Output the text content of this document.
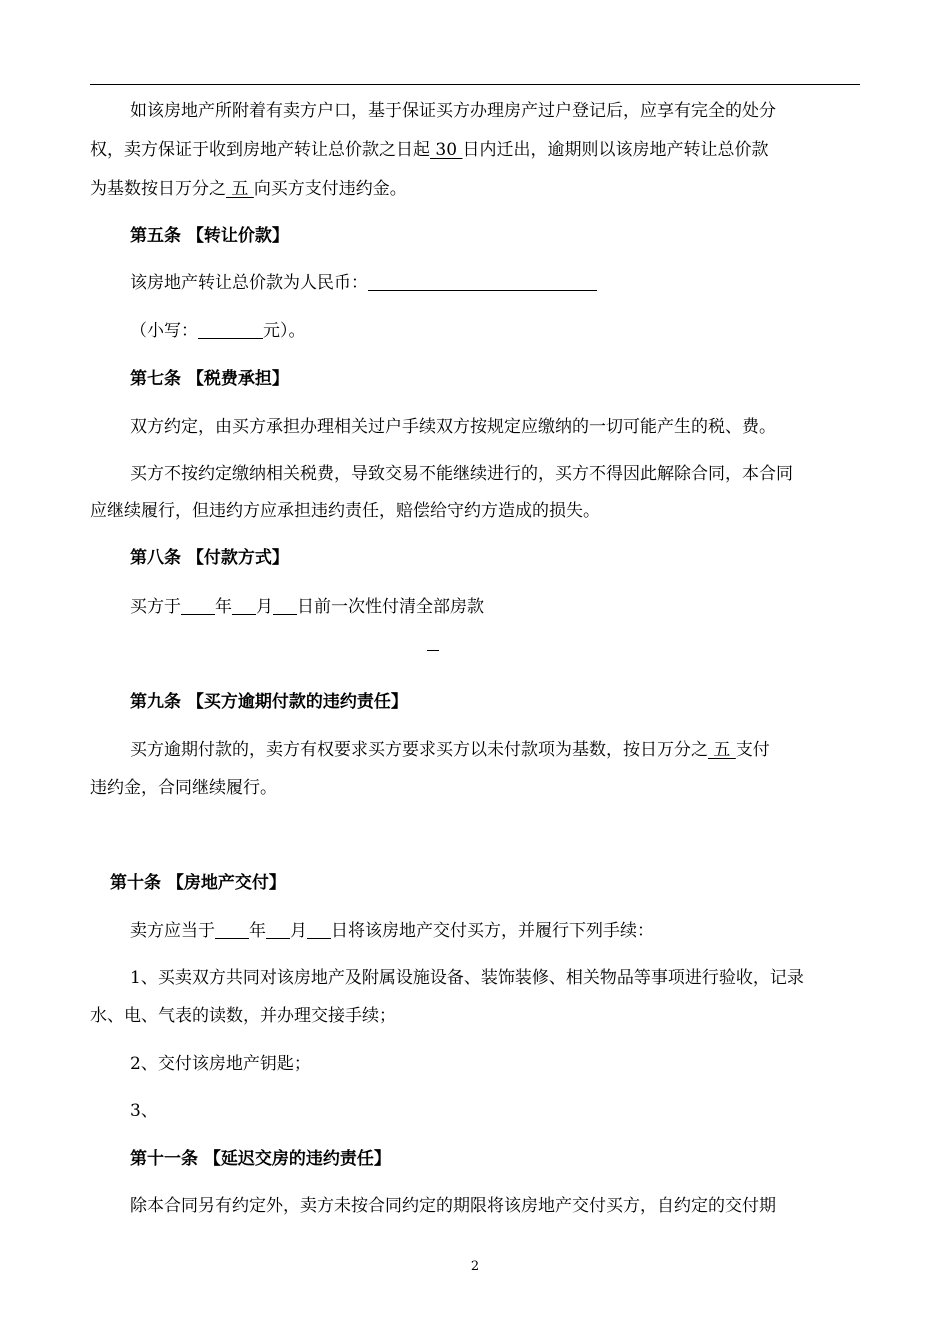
如该房地产所附着有卖方户口，基于保证买方办理房产过户登记后，应享有完全的处分
权，卖方保证于收到房地产转让总价款之日起 30 日内迁出，逾期则以该房地产转让总价款
为基数按日万分之 五 向买方支付违约金。
第五条 【转让价款】
该房地产转让总价款为人民币：
（小写：	元）。
第七条 【税费承担】
双方约定，由买方承担办理相关过户手续双方按规定应缴纳的一切可能产生的税、费。
买方不按约定缴纳相关税费，导致交易不能继续进行的，买方不得因此解除合同，本合同
应继续履行，但违约方应承担违约责任，赔偿给守约方造成的损失。
第八条 【付款方式】
买方于 年 月 日前一次性付清全部房款
第九条 【买方逾期付款的违约责任】
买方逾期付款的，卖方有权要求买方要求买方以未付款项为基数，按日万分之 五 支付
违约金，合同继续履行。
第十条 【房地产交付】
卖方应当于 年 月 日将该房地产交付买方，并履行下列手续：
1、买卖双方共同对该房地产及附属设施设备、装饰装修、相关物品等事项进行验收，记录
水、电、气表的读数，并办理交接手续；
2、交付该房地产钥匙；
3、
第十一条 【延迟交房的违约责任】
除本合同另有约定外，卖方未按合同约定的期限将该房地产交付买方，自约定的交付期
2
